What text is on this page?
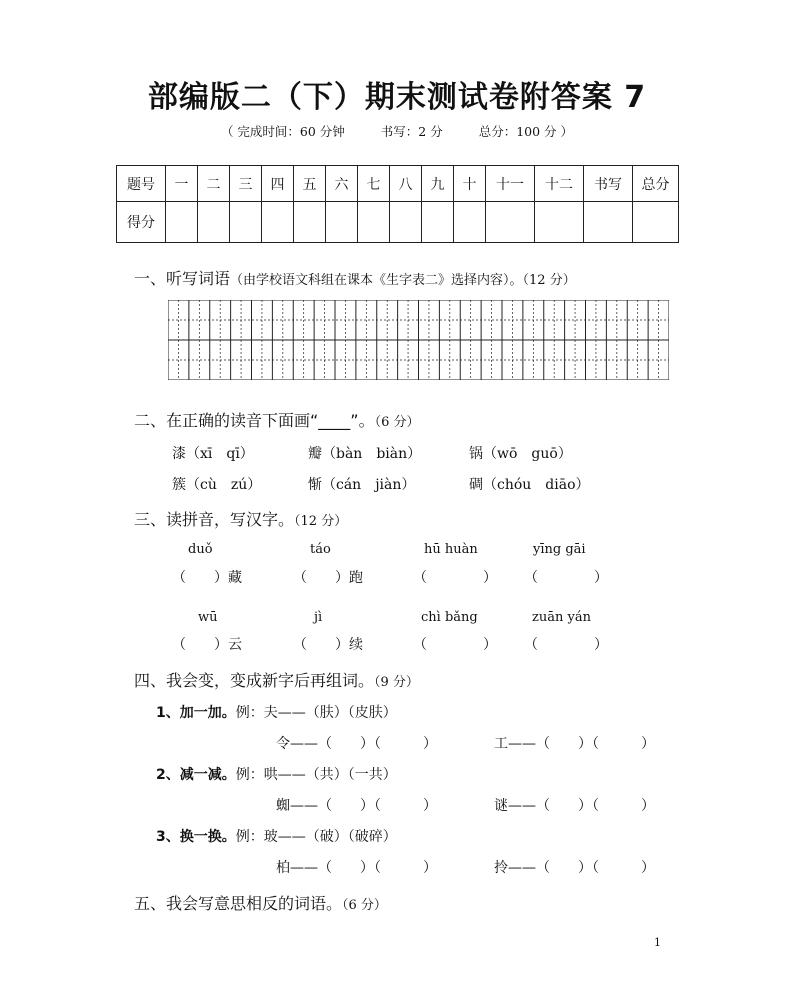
部编版二（下）期末测试卷附答案 7
（ 完成时间：60 分钟	书写：2 分	总分：100 分 ）
题号	一	二	三	四	五	六	七	八	九	十	十一	十二	书写	总分
得分														
一、听写词语（由学校语文科组在课本《生字表二》选择内容）。（12 分）
二、在正确的读音下面画“____”。（6 分）
漆（xī　qī）	瓣（bàn　biàn）	锅（wō　guō）
簇（cù　zú）	惭（cán　jiàn）	碉（chóu　diāo）
三、读拼音，写汉字。（12 分）
duǒ	táo	hū huàn	yīng gāi
（　　）藏	（　　）跑	（　　　　） （　　　　）
wū	jì	chì bǎng	zuān yán
（　　）云	（　　）续	（　　　　） （　　　　）
四、我会变，变成新字后再组词。（9 分）
1、加一加。例：夫——（肤）（皮肤）
令——（　　）（　　　）	工——（　　）（　　　）
2、减一减。例：哄——（共）（一共）
蜘——（　　）（　　　）	谜——（　　）（　　　）
3、换一换。例：玻——（破）（破碎）
柏——（　　）（　　　）	拎——（　　）（　　　）
五、我会写意思相反的词语。（6 分）
1
